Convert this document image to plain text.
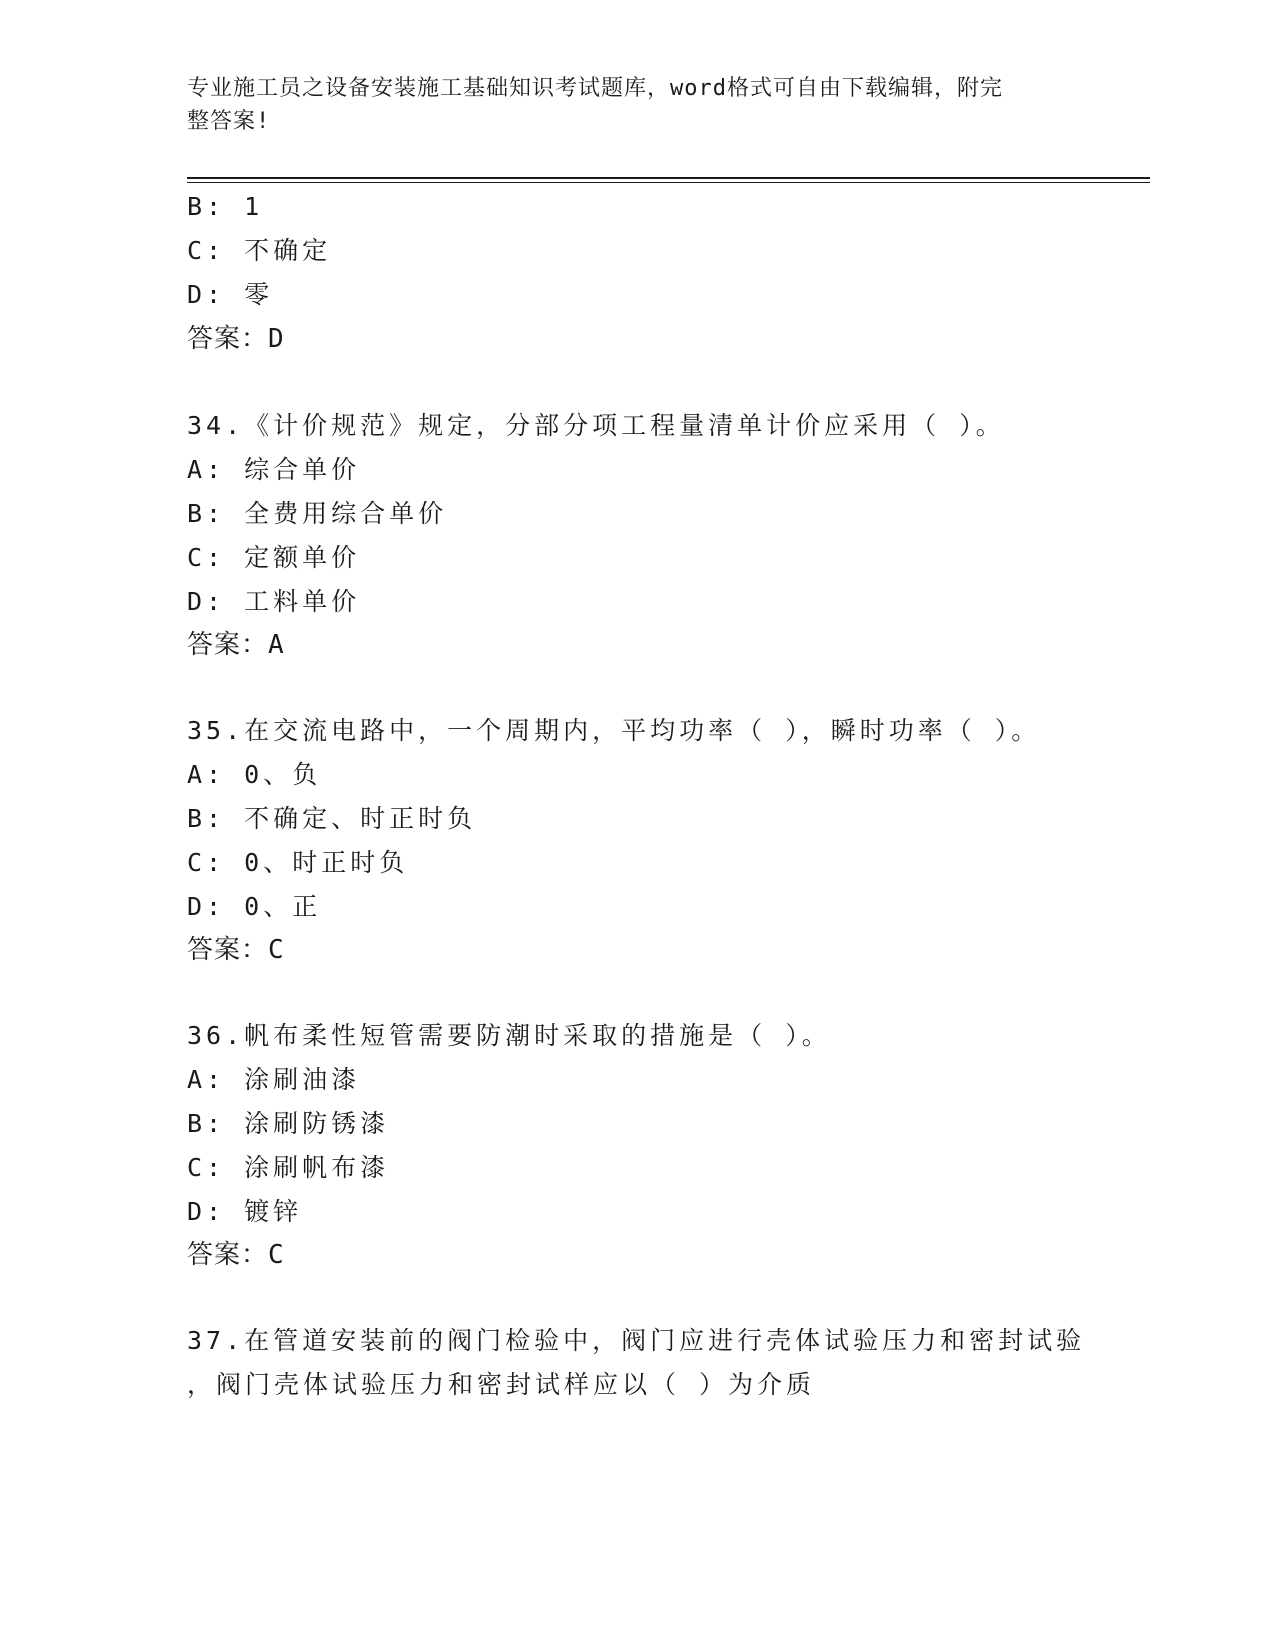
专业施工员之设备安装施工基础知识考试题库，word格式可自由下载编辑，附完
整答案!
B: 1
C: 不确定
D: 零
答案：D
34.《计价规范》规定，分部分项工程量清单计价应采用（ ）。
A: 综合单价
B: 全费用综合单价
C: 定额单价
D: 工料单价
答案：A
35.在交流电路中，一个周期内，平均功率（ ），瞬时功率（ ）。
A: 0、负
B: 不确定、时正时负
C: 0、时正时负
D: 0、正
答案：C
36.帆布柔性短管需要防潮时采取的措施是（ ）。
A: 涂刷油漆
B: 涂刷防锈漆
C: 涂刷帆布漆
D: 镀锌
答案：C
37.在管道安装前的阀门检验中，阀门应进行壳体试验压力和密封试验
，阀门壳体试验压力和密封试样应以（ ）为介质
